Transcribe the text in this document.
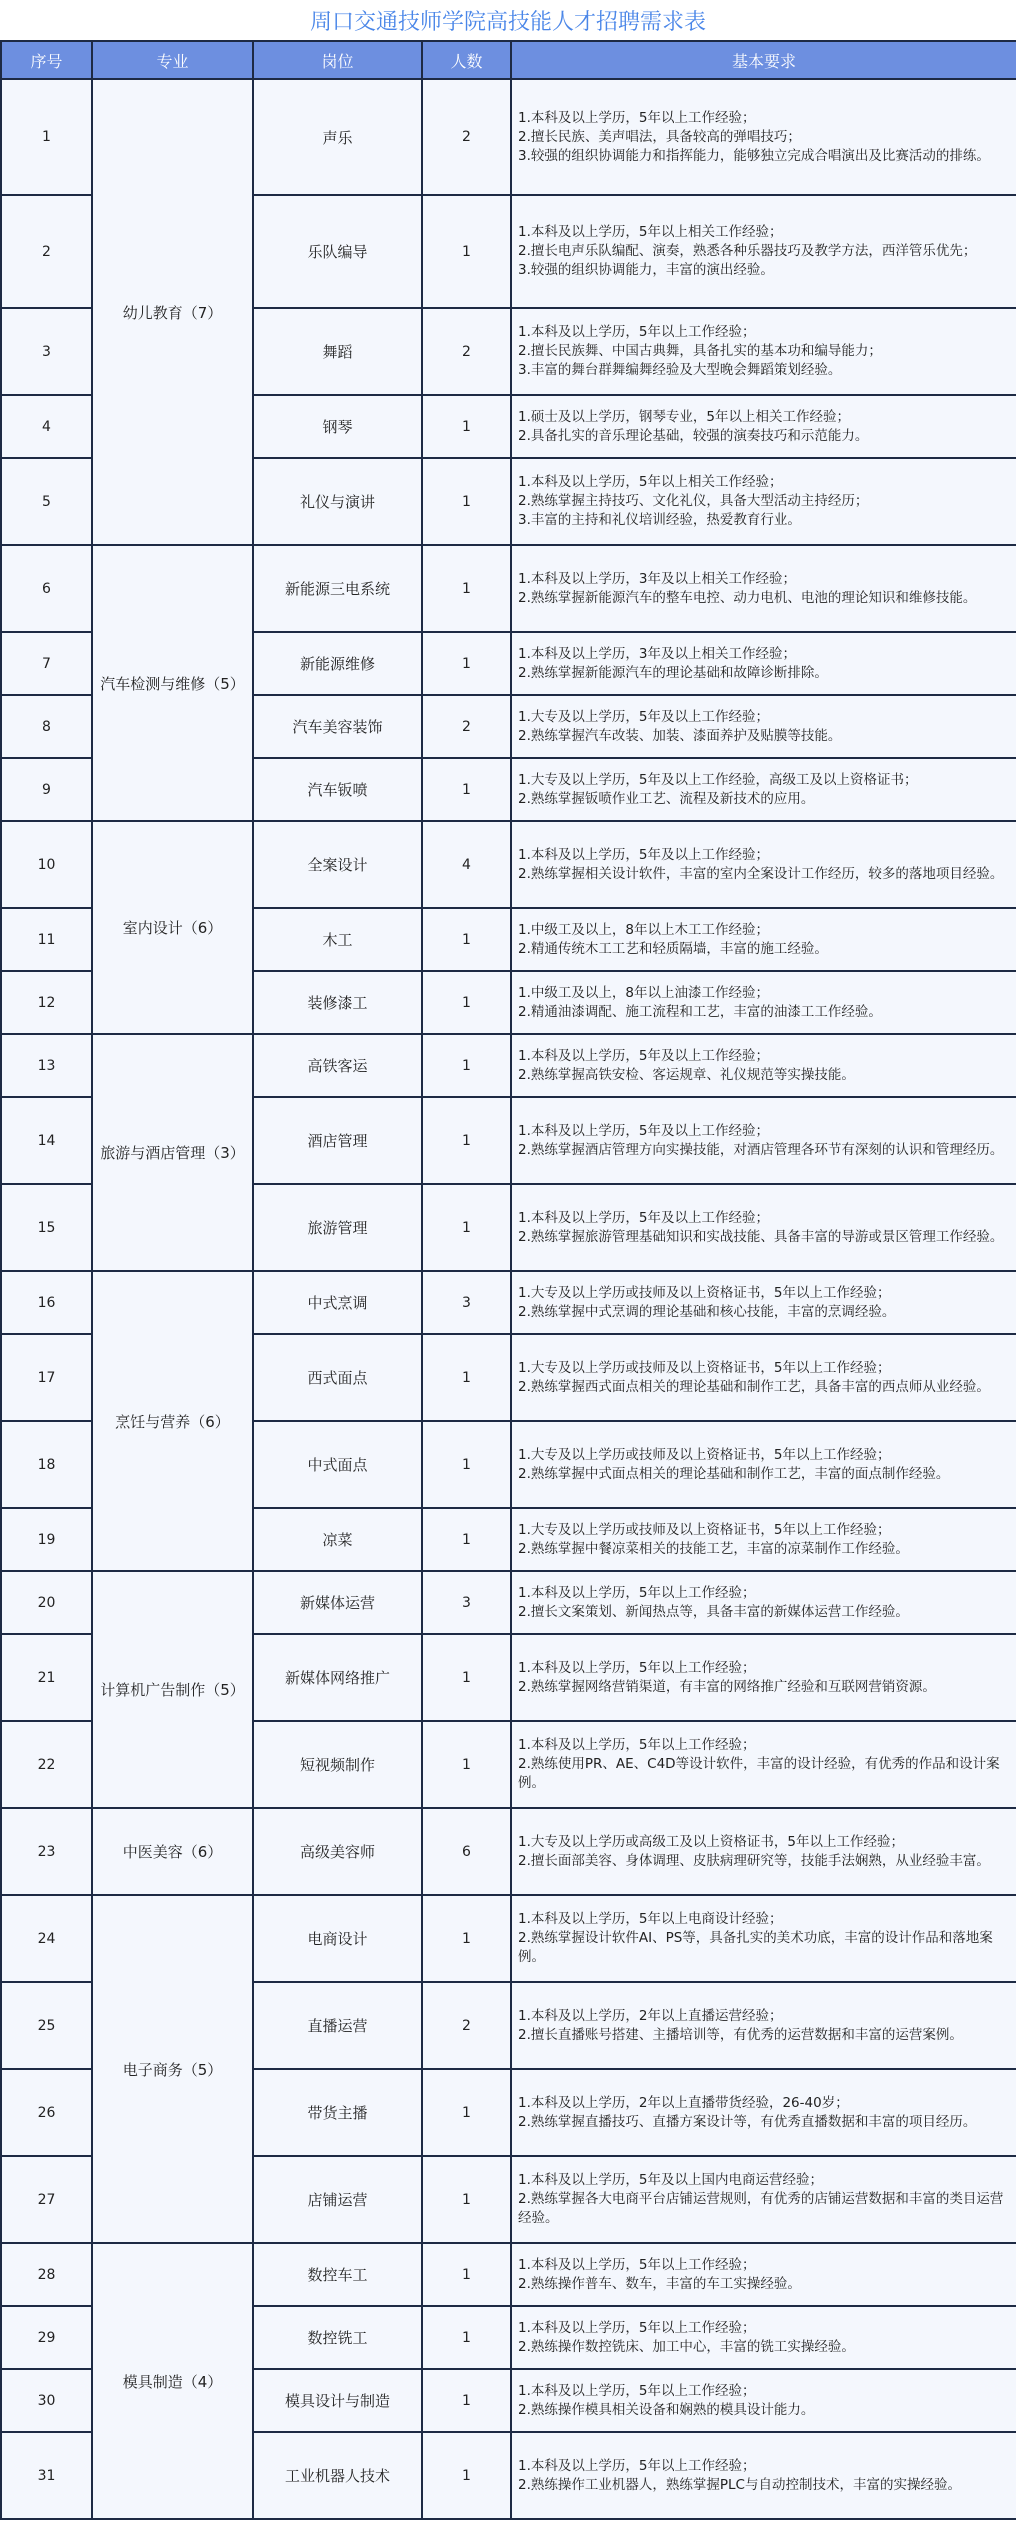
周口交通技师学院高技能人才招聘需求表
序号	专业	岗位	人数	基本要求
1	幼儿教育（7）	声乐	2	1.本科及以上学历，5年以上工作经验；
2.擅长民族、美声唱法，具备较高的弹唱技巧；
3.较强的组织协调能力和指挥能力，能够独立完成合唱演出及比赛活动的排练。
2		乐队编导	1	1.本科及以上学历，5年以上相关工作经验；
2.擅长电声乐队编配、演奏，熟悉各种乐器技巧及教学方法，西洋管乐优先；
3.较强的组织协调能力，丰富的演出经验。
3		舞蹈	2	1.本科及以上学历，5年以上工作经验；
2.擅长民族舞、中国古典舞，具备扎实的基本功和编导能力；
3.丰富的舞台群舞编舞经验及大型晚会舞蹈策划经验。
4		钢琴	1	1.硕士及以上学历，钢琴专业，5年以上相关工作经验；
2.具备扎实的音乐理论基础，较强的演奏技巧和示范能力。
5		礼仪与演讲	1	1.本科及以上学历，5年以上相关工作经验；
2.熟练掌握主持技巧、文化礼仪，具备大型活动主持经历；
3.丰富的主持和礼仪培训经验，热爱教育行业。
6	汽车检测与维修（5）	新能源三电系统	1	1.本科及以上学历，3年及以上相关工作经验；
2.熟练掌握新能源汽车的整车电控、动力电机、电池的理论知识和维修技能。
7		新能源维修	1	1.本科及以上学历，3年及以上相关工作经验；
2.熟练掌握新能源汽车的理论基础和故障诊断排除。
8		汽车美容装饰	2	1.大专及以上学历，5年及以上工作经验；
2.熟练掌握汽车改装、加装、漆面养护及贴膜等技能。
9		汽车钣喷	1	1.大专及以上学历，5年及以上工作经验，高级工及以上资格证书；
2.熟练掌握钣喷作业工艺、流程及新技术的应用。
10	室内设计（6）	全案设计	4	1.本科及以上学历，5年及以上工作经验；
2.熟练掌握相关设计软件，丰富的室内全案设计工作经历，较多的落地项目经验。
11		木工	1	1.中级工及以上，8年以上木工工作经验；
2.精通传统木工工艺和轻质隔墙，丰富的施工经验。
12		装修漆工	1	1.中级工及以上，8年以上油漆工作经验；
2.精通油漆调配、施工流程和工艺，丰富的油漆工工作经验。
13	旅游与酒店管理（3）	高铁客运	1	1.本科及以上学历，5年及以上工作经验；
2.熟练掌握高铁安检、客运规章、礼仪规范等实操技能。
14		酒店管理	1	1.本科及以上学历，5年及以上工作经验；
2.熟练掌握酒店管理方向实操技能，对酒店管理各环节有深刻的认识和管理经历。
15		旅游管理	1	1.本科及以上学历，5年及以上工作经验；
2.熟练掌握旅游管理基础知识和实战技能、具备丰富的导游或景区管理工作经验。
16	烹饪与营养（6）	中式烹调	3	1.大专及以上学历或技师及以上资格证书，5年以上工作经验；
2.熟练掌握中式烹调的理论基础和核心技能，丰富的烹调经验。
17		西式面点	1	1.大专及以上学历或技师及以上资格证书，5年以上工作经验；
2.熟练掌握西式面点相关的理论基础和制作工艺，具备丰富的西点师从业经验。
18		中式面点	1	1.大专及以上学历或技师及以上资格证书，5年以上工作经验；
2.熟练掌握中式面点相关的理论基础和制作工艺，丰富的面点制作经验。
19		凉菜	1	1.大专及以上学历或技师及以上资格证书，5年以上工作经验；
2.熟练掌握中餐凉菜相关的技能工艺，丰富的凉菜制作工作经验。
20	计算机广告制作（5）	新媒体运营	3	1.本科及以上学历，5年以上工作经验；
2.擅长文案策划、新闻热点等，具备丰富的新媒体运营工作经验。
21		新媒体网络推广	1	1.本科及以上学历，5年以上工作经验；
2.熟练掌握网络营销渠道，有丰富的网络推广经验和互联网营销资源。
22		短视频制作	1	1.本科及以上学历，5年以上工作经验；
2.熟练使用PR、AE、C4D等设计软件，丰富的设计经验，有优秀的作品和设计案例。
23	中医美容（6）	高级美容师	6	1.大专及以上学历或高级工及以上资格证书，5年以上工作经验；
2.擅长面部美容、身体调理、皮肤病理研究等，技能手法娴熟，从业经验丰富。
24	电子商务（5）	电商设计	1	1.本科及以上学历，5年以上电商设计经验；
2.熟练掌握设计软件AI、PS等，具备扎实的美术功底，丰富的设计作品和落地案例。
25		直播运营	2	1.本科及以上学历，2年以上直播运营经验；
2.擅长直播账号搭建、主播培训等，有优秀的运营数据和丰富的运营案例。
26		带货主播	1	1.本科及以上学历，2年以上直播带货经验，26-40岁；
2.熟练掌握直播技巧、直播方案设计等，有优秀直播数据和丰富的项目经历。
27		店铺运营	1	1.本科及以上学历，5年及以上国内电商运营经验；
2.熟练掌握各大电商平台店铺运营规则，有优秀的店铺运营数据和丰富的类目运营经验。
28	模具制造（4）	数控车工	1	1.本科及以上学历，5年以上工作经验；
2.熟练操作普车、数车，丰富的车工实操经验。
29		数控铣工	1	1.本科及以上学历，5年以上工作经验；
2.熟练操作数控铣床、加工中心，丰富的铣工实操经验。
30		模具设计与制造	1	1.本科及以上学历，5年以上工作经验；
2.熟练操作模具相关设备和娴熟的模具设计能力。
31		工业机器人技术	1	1.本科及以上学历，5年以上工作经验；
2.熟练操作工业机器人，熟练掌握PLC与自动控制技术，丰富的实操经验。
